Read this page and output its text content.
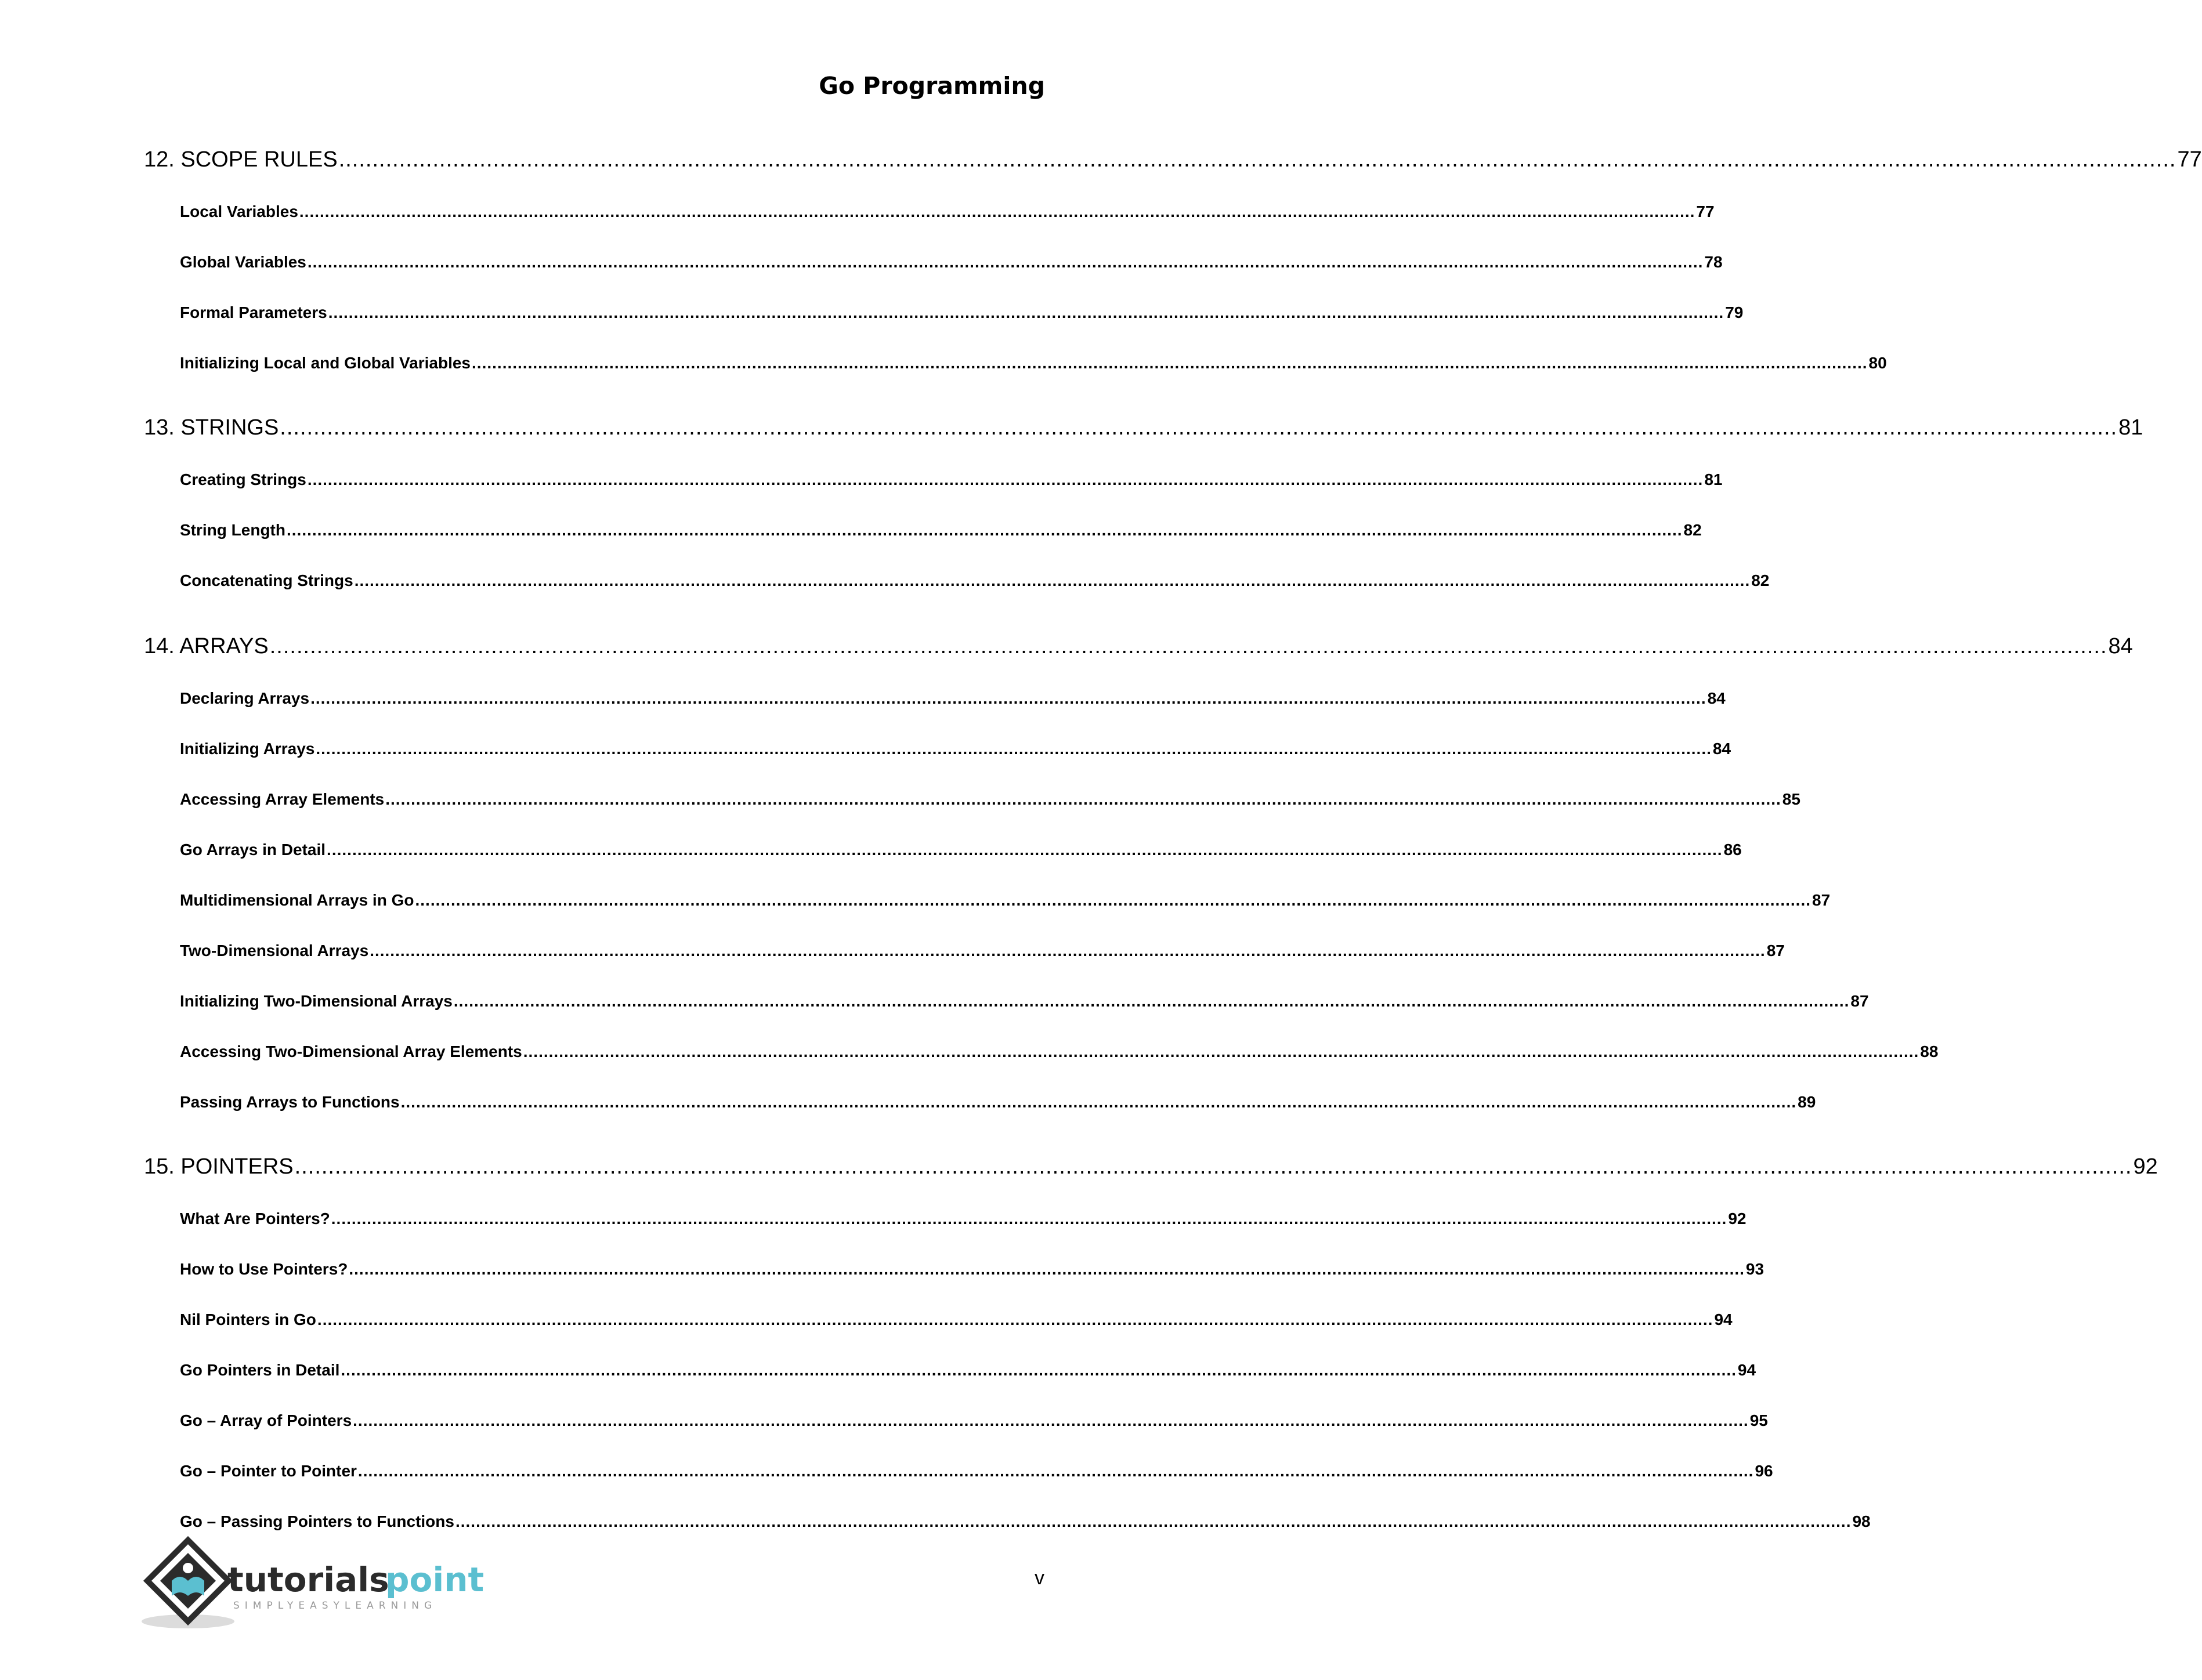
Go Programming
12. SCOPE RULES .................................................................................................................................................................................................................................................................................. 77
Local Variables .................................................................................................................................................................................................................................................................................. 77
Global Variables .................................................................................................................................................................................................................................................................................. 78
Formal Parameters .................................................................................................................................................................................................................................................................................. 79
Initializing Local and Global Variables .................................................................................................................................................................................................................................................................................. 80
13. STRINGS .................................................................................................................................................................................................................................................................................. 81
Creating Strings .................................................................................................................................................................................................................................................................................. 81
String Length .................................................................................................................................................................................................................................................................................. 82
Concatenating Strings .................................................................................................................................................................................................................................................................................. 82
14. ARRAYS .................................................................................................................................................................................................................................................................................. 84
Declaring Arrays .................................................................................................................................................................................................................................................................................. 84
Initializing Arrays .................................................................................................................................................................................................................................................................................. 84
Accessing Array Elements .................................................................................................................................................................................................................................................................................. 85
Go Arrays in Detail .................................................................................................................................................................................................................................................................................. 86
Multidimensional Arrays in Go .................................................................................................................................................................................................................................................................................. 87
Two-Dimensional Arrays .................................................................................................................................................................................................................................................................................. 87
Initializing Two-Dimensional Arrays .................................................................................................................................................................................................................................................................................. 87
Accessing Two-Dimensional Array Elements .................................................................................................................................................................................................................................................................................. 88
Passing Arrays to Functions .................................................................................................................................................................................................................................................................................. 89
15. POINTERS .................................................................................................................................................................................................................................................................................. 92
What Are Pointers? .................................................................................................................................................................................................................................................................................. 92
How to Use Pointers? .................................................................................................................................................................................................................................................................................. 93
Nil Pointers in Go .................................................................................................................................................................................................................................................................................. 94
Go Pointers in Detail .................................................................................................................................................................................................................................................................................. 94
Go – Array of Pointers .................................................................................................................................................................................................................................................................................. 95
Go – Pointer to Pointer .................................................................................................................................................................................................................................................................................. 96
Go – Passing Pointers to Functions .................................................................................................................................................................................................................................................................................. 98
tutorials
point
SIMPLYEASYLEARNING
v
